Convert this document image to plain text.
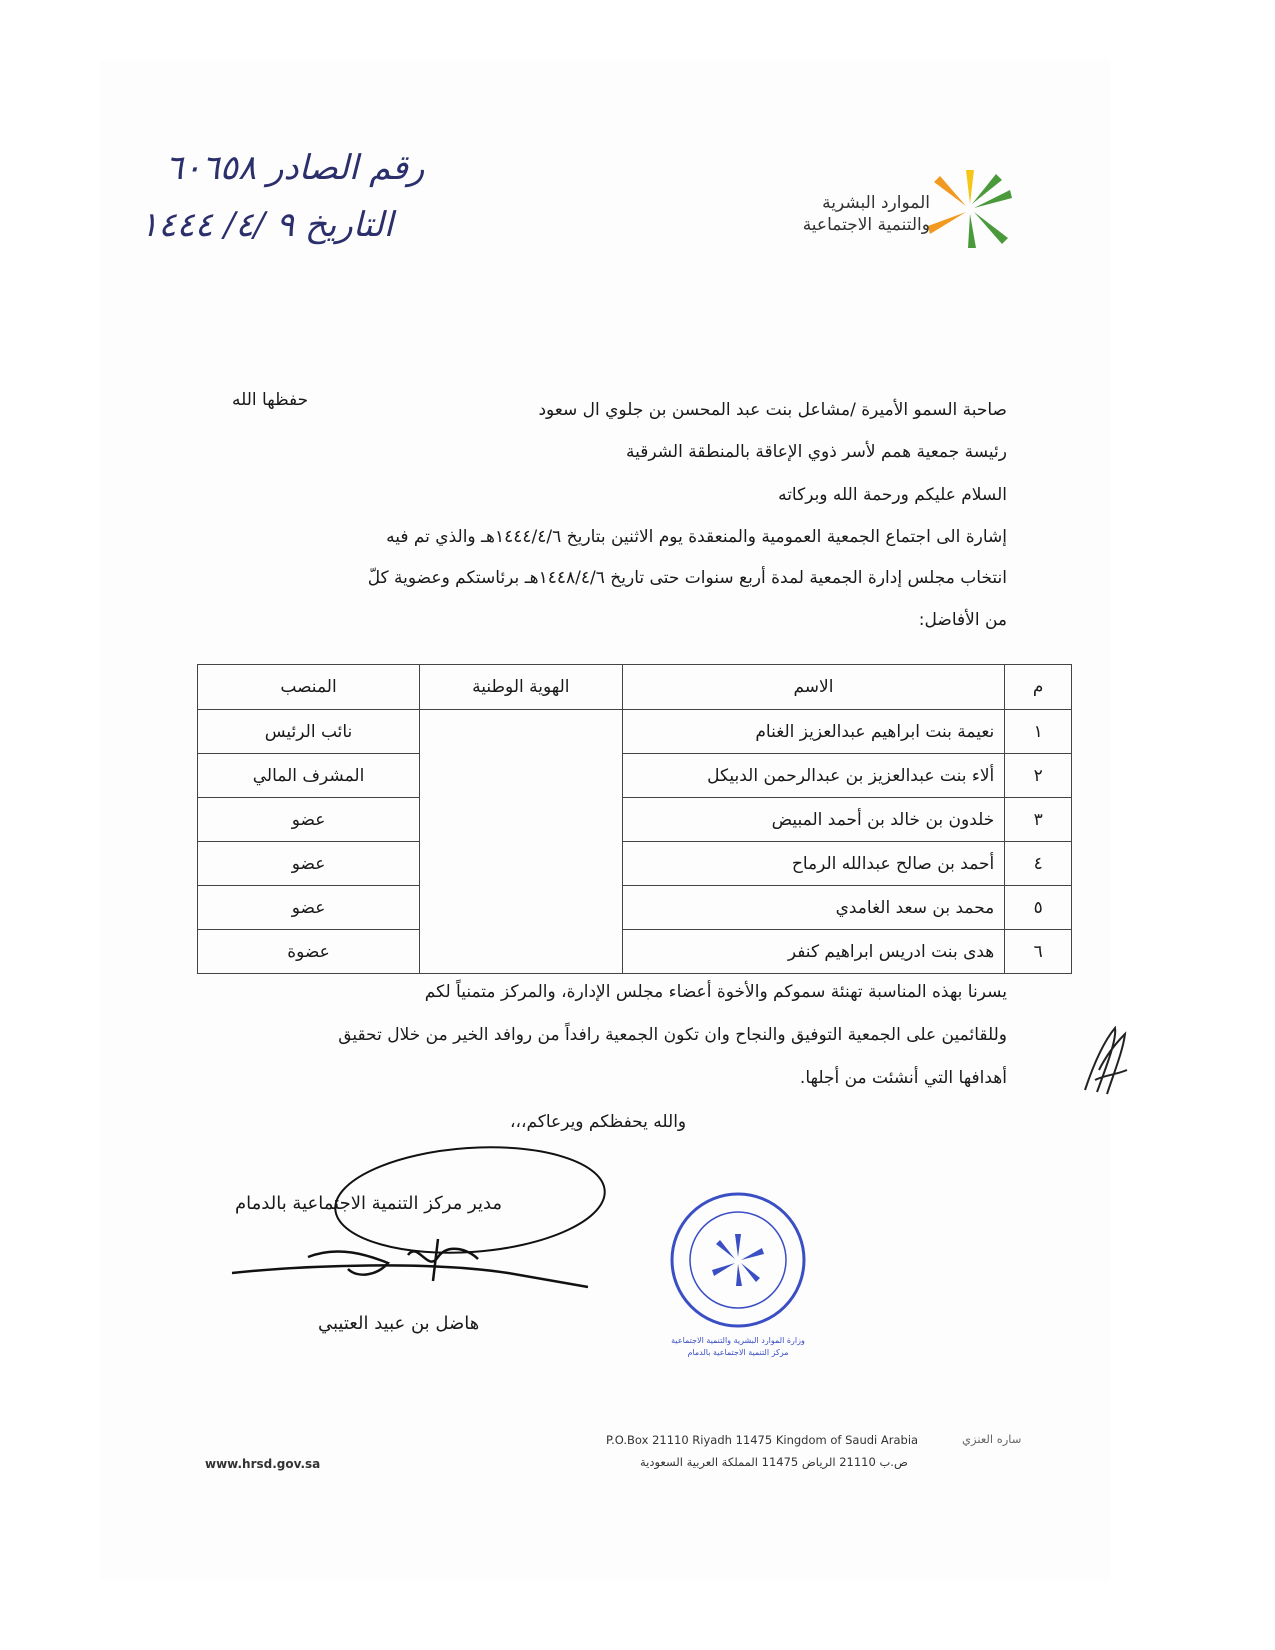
رقم الصادر ٦٠٦٥٨
التاريخ ٩ /٤/ ١٤٤٤
الموارد البشرية
والتنمية الاجتماعية
حفظها الله	صاحبة السمو الأميرة /مشاعل بنت عبد المحسن بن جلوي ال سعود
رئيسة جمعية همم لأسر ذوي الإعاقة بالمنطقة الشرقية
السلام عليكم ورحمة الله وبركاته
إشارة الى اجتماع الجمعية العمومية والمنعقدة يوم الاثنين بتاريخ ١٤٤٤/٤/٦هـ والذي تم فيه
انتخاب مجلس إدارة الجمعية لمدة أربع سنوات حتى تاريخ ١٤٤٨/٤/٦هـ برئاستكم وعضوية كلّ
من الأفاضل:
م	الاسم	الهوية الوطنية	المنصب
١	نعيمة بنت ابراهيم عبدالعزيز الغنام		نائب الرئيس
٢	ألاء بنت عبدالعزيز بن عبدالرحمن الدبيكل		المشرف المالي
٣	خلدون بن خالد بن أحمد المبيض		عضو
٤	أحمد بن صالح عبدالله الرماح		عضو
٥	محمد بن سعد الغامدي		عضو
٦	هدى بنت ادريس ابراهيم كنفر		عضوة
يسرنا بهذه المناسبة تهنئة سموكم والأخوة أعضاء مجلس الإدارة، والمركز متمنياً لكم
وللقائمين على الجمعية التوفيق والنجاح وان تكون الجمعية رافداً من روافد الخير من خلال تحقيق
أهدافها التي أنشئت من أجلها.
والله يحفظكم ويرعاكم،،،
مدير مركز التنمية الاجتماعية بالدمام
هاضل بن عبيد العتيبي
وزارة الموارد البشرية والتنمية الاجتماعية
مركز التنمية الاجتماعية بالدمام
www.hrsd.gov.sa
P.O.Box 21110 Riyadh 11475 Kingdom of Saudi Arabia
ص.ب 21110 الرياض 11475 المملكة العربية السعودية
ساره العنزي
